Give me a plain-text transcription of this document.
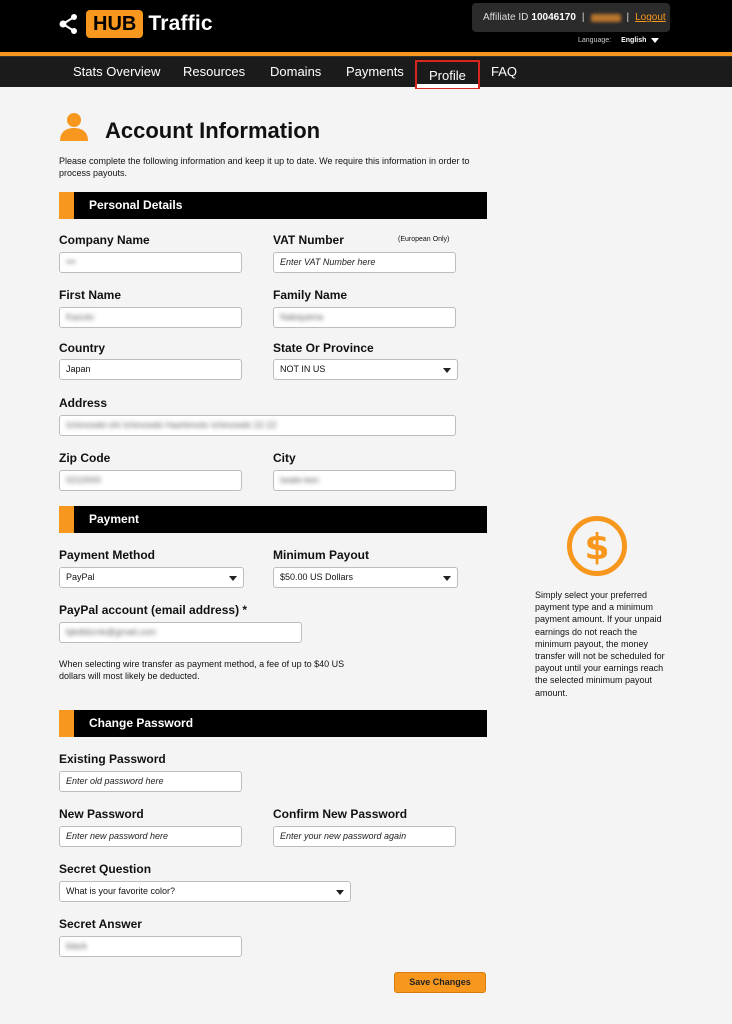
HUB Traffic	Affiliate ID 10046170 |	| Logout
Language: English
Stats Overview Resources Domains Payments	Profile	FAQ
Account Information
Please complete the following information and keep it up to date. We require this information in order to process payouts.
Personal Details
Company Name
•••
VAT Number	(European Only)
Enter VAT Number here
First Name
Kazuto
Family Name
Nakayama
Country
Japan
State Or Province
NOT IN US
Address
Ichinoseki-shi Ichinoseki Hashimoto Ichinoseki 22-22
Zip Code
0210000
City
Iwate-ken
Payment
Payment Method
PayPal
Minimum Payout
$50.00 US Dollars
PayPal account (email address) *
kjkdtdcmk@gmail.com
When selecting wire transfer as payment method, a fee of up to $40 US dollars will most likely be deducted.
$
Simply select your preferred payment type and a minimum payment amount. If your unpaid earnings do not reach the minimum payout, the money transfer will not be scheduled for payout until your earnings reach the selected minimum payout amount.
Change Password
Existing Password
Enter old password here
New Password
Enter new password here
Confirm New Password
Enter your new password again
Secret Question
What is your favorite color?
Secret Answer
black
Save Changes
